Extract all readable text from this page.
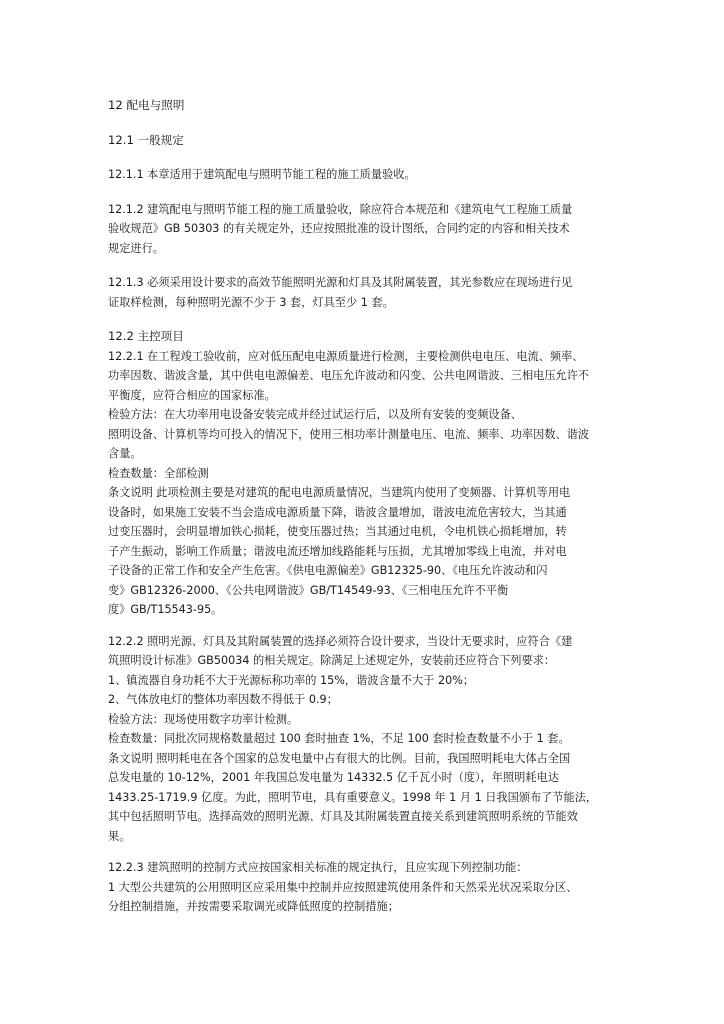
12 配电与照明

12.1 一般规定

12.1.1 本章适用于建筑配电与照明节能工程的施工质量验收。
12.1.2 建筑配电与照明节能工程的施工质量验收，除应符合本规范和《建筑电气工程施工质量
验收规范》GB 50303 的有关规定外，还应按照批准的设计图纸，合同约定的内容和相关技术
规定进行。
12.1.3 必须采用设计要求的高效节能照明光源和灯具及其附属装置，其光参数应在现场进行见
证取样检测，每种照明光源不少于 3 套，灯具至少 1 套。

12.2 主控项目

12.2.1 在工程竣工验收前，应对低压配电电源质量进行检测，主要检测供电电压、电流、频率、
功率因数、谐波含量，其中供电电源偏差、电压允许波动和闪变、公共电网谐波、三相电压允许不
平衡度，应符合相应的国家标准。
检验方法：在大功率用电设备安装完成并经过试运行后，以及所有安装的变频设备、
照明设备、计算机等均可投入的情况下，使用三相功率计测量电压、电流、频率、功率因数、谐波
含量。
检查数量：全部检测
条文说明 此项检测主要是对建筑的配电电源质量情况，当建筑内使用了变频器、计算机等用电
设备时，如果施工安装不当会造成电源质量下降，谐波含量增加，谐波电流危害较大，当其通
过变压器时，会明显增加铁心损耗，使变压器过热；当其通过电机，令电机铁心损耗增加，转
子产生振动，影响工作质量；谐波电流还增加线路能耗与压损，尤其增加零线上电流，并对电
子设备的正常工作和安全产生危害。《供电电源偏差》GB12325-90、《电压允许波动和闪
变》GB12326-2000、《公共电网谐波》GB/T14549-93、《三相电压允许不平衡
度》GB/T15543-95。
12.2.2 照明光源、灯具及其附属装置的选择必须符合设计要求，当设计无要求时，应符合《建
筑照明设计标准》GB50034 的相关规定。除满足上述规定外，安装前还应符合下列要求：
1、镇流器自身功耗不大于光源标称功率的 15%，谐波含量不大于 20%；
2、气体放电灯的整体功率因数不得低于 0.9；
检验方法：现场使用数字功率计检测。
检查数量：同批次同规格数量超过 100 套时抽查 1%，不足 100 套时检查数量不小于 1 套。
条文说明 照明耗电在各个国家的总发电量中占有很大的比例。目前，我国照明耗电大体占全国
总发电量的 10-12%，2001 年我国总发电量为 14332.5 亿千瓦小时（度），年照明耗电达
1433.25-1719.9 亿度。为此，照明节电，具有重要意义。1998 年 1 月 1 日我国颁布了节能法，
其中包括照明节电。选择高效的照明光源、灯具及其附属装置直接关系到建筑照明系统的节能效
果。
12.2.3 建筑照明的控制方式应按国家相关标准的规定执行，且应实现下列控制功能：
1 大型公共建筑的公用照明区应采用集中控制并应按照建筑使用条件和天然采光状况采取分区、
分组控制措施，并按需要采取调光或降低照度的控制措施；
